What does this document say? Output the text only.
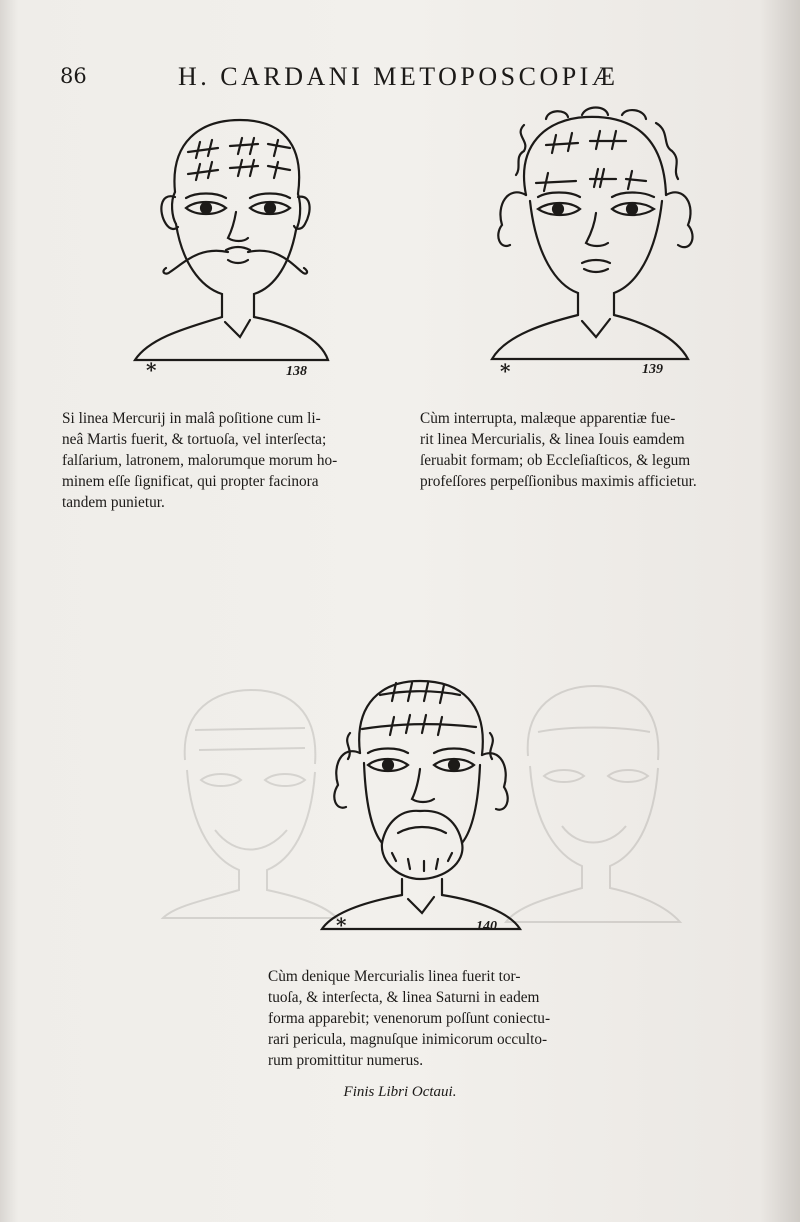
86	H. CARDANI METOPOSCOPIÆ
*	138	*	139

Si linea Mercurij in malâ poſitione cum li-

neâ Martis fuerit, & tortuoſa, vel interſecta;

falſarium, latronem, malorumque morum ho-

minem eſſe ſignificat, qui propter facinora

tandem punietur.

Cùm interrupta, malæque apparentiæ fue-

rit linea Mercurialis, & linea Iouis eamdem

ſeruabit formam; ob Eccleſiaſticos, & legum

profeſſores perpeſſionibus maximis afficietur.

*	140

Cùm denique Mercurialis linea fuerit tor-

tuoſa, & interſecta, & linea Saturni in eadem

forma apparebit; venenorum poſſunt coniectu-

rari pericula, magnuſque inimicorum occulto-

rum promittitur numerus.

Finis Libri Octaui.
